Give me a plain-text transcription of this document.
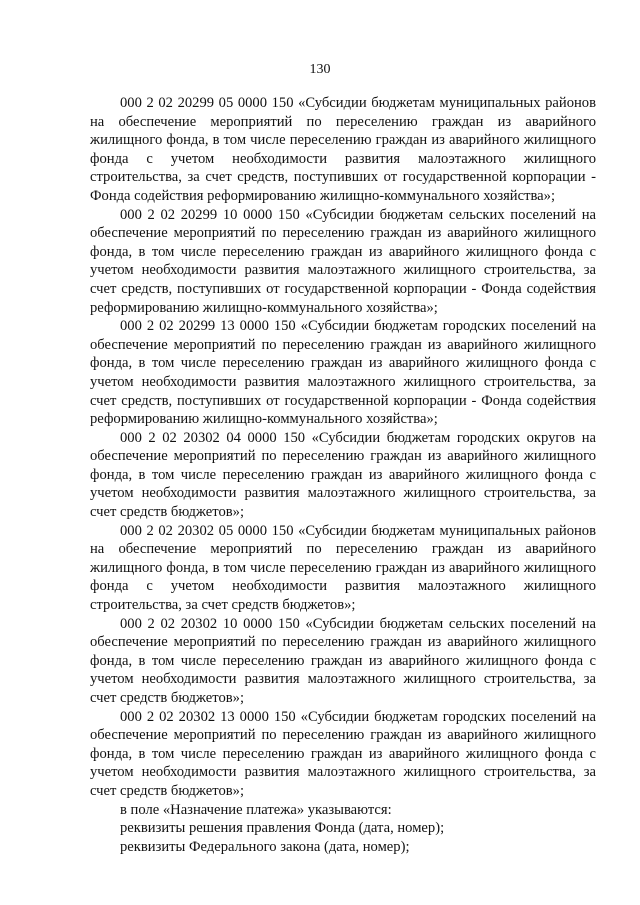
130

000 2 02 20299 05 0000 150 «Субсидии бюджетам муниципальных районов на обеспечение мероприятий по переселению граждан из аварийного жилищного фонда, в том числе переселению граждан из аварийного жилищного фонда с учетом необходимости развития малоэтажного жилищного строительства, за счет средств, поступивших от государственной корпорации - Фонда содействия реформированию жилищно-коммунального хозяйства»;

000 2 02 20299 10 0000 150 «Субсидии бюджетам сельских поселений на обеспечение мероприятий по переселению граждан из аварийного жилищного фонда, в том числе переселению граждан из аварийного жилищного фонда с учетом необходимости развития малоэтажного жилищного строительства, за счет средств, поступивших от государственной корпорации - Фонда содействия реформированию жилищно-коммунального хозяйства»;

000 2 02 20299 13 0000 150 «Субсидии бюджетам городских поселений на обеспечение мероприятий по переселению граждан из аварийного жилищного фонда, в том числе переселению граждан из аварийного жилищного фонда с учетом необходимости развития малоэтажного жилищного строительства, за счет средств, поступивших от государственной корпорации - Фонда содействия реформированию жилищно-коммунального хозяйства»;

000 2 02 20302 04 0000 150 «Субсидии бюджетам городских округов на обеспечение мероприятий по переселению граждан из аварийного жилищного фонда, в том числе переселению граждан из аварийного жилищного фонда с учетом необходимости развития малоэтажного жилищного строительства, за счет средств бюджетов»;

000 2 02 20302 05 0000 150 «Субсидии бюджетам муниципальных районов на обеспечение мероприятий по переселению граждан из аварийного жилищного фонда, в том числе переселению граждан из аварийного жилищного фонда с учетом необходимости развития малоэтажного жилищного строительства, за счет средств бюджетов»;

000 2 02 20302 10 0000 150 «Субсидии бюджетам сельских поселений на обеспечение мероприятий по переселению граждан из аварийного жилищного фонда, в том числе переселению граждан из аварийного жилищного фонда с учетом необходимости развития малоэтажного жилищного строительства, за счет средств бюджетов»;

000 2 02 20302 13 0000 150 «Субсидии бюджетам городских поселений на обеспечение мероприятий по переселению граждан из аварийного жилищного фонда, в том числе переселению граждан из аварийного жилищного фонда с учетом необходимости развития малоэтажного жилищного строительства, за счет средств бюджетов»;

в поле «Назначение платежа» указываются:

реквизиты решения правления Фонда (дата, номер);

реквизиты Федерального закона (дата, номер);
